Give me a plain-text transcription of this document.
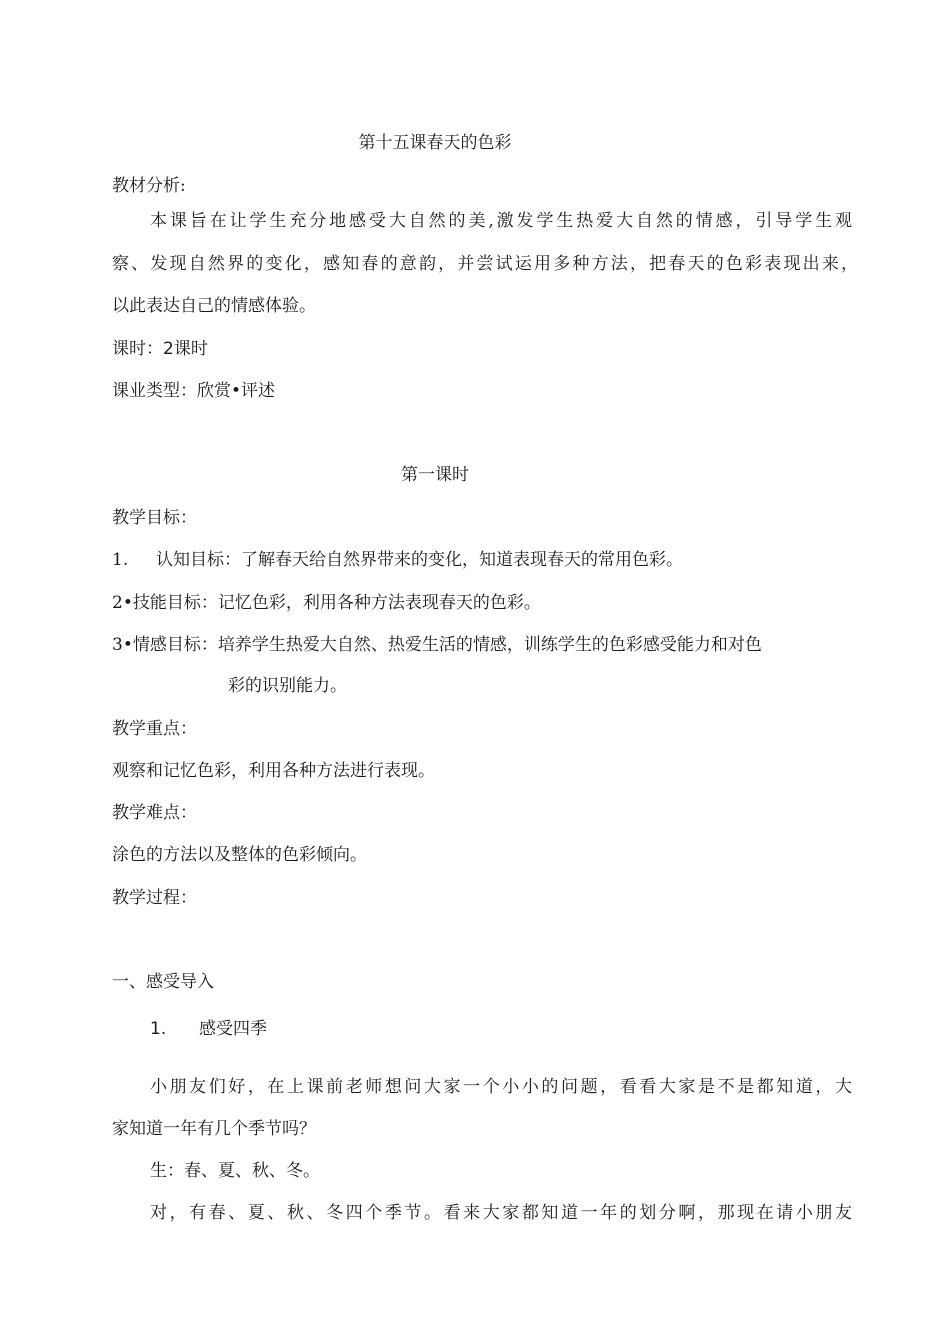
第十五课春天的色彩
教材分析:
本课旨在让学生充分地感受大自然的美,激发学生热爱大自然的情感，引导学生观
察、发现自然界的变化，感知春的意韵，并尝试运用多种方法，把春天的色彩表现出来，
以此表达自己的情感体验。
课时：2课时
课业类型：欣赏•评述
第一课时
教学目标：
1. 认知目标：了解春天给自然界带来的变化，知道表现春天的常用色彩。
2•技能目标：记忆色彩，利用各种方法表现春天的色彩。
3•情感目标：培养学生热爱大自然、热爱生活的情感，训练学生的色彩感受能力和对色
彩的识别能力。
教学重点：
观察和记忆色彩，利用各种方法进行表现。
教学难点：
涂色的方法以及整体的色彩倾向。
教学过程：
一、感受导入
1. 感受四季
小朋友们好，在上课前老师想问大家一个小小的问题，看看大家是不是都知道，大
家知道一年有几个季节吗？
生：春、夏、秋、冬。
对，有春、夏、秋、冬四个季节。看来大家都知道一年的划分啊，那现在请小朋友
